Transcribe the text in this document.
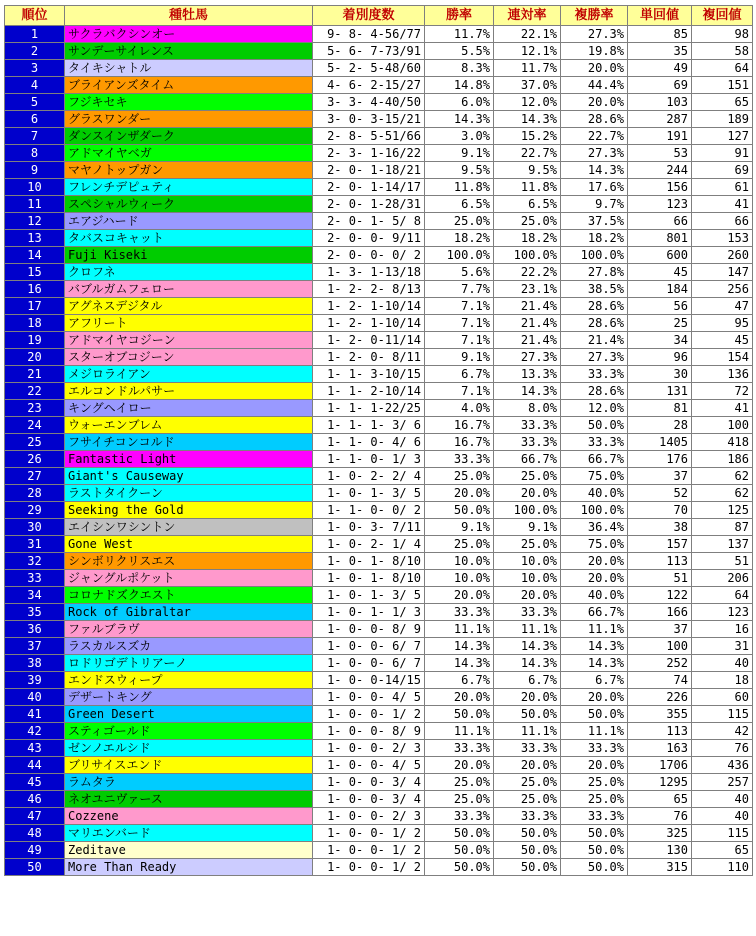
順位	種牡馬	着別度数	勝率	連対率	複勝率	単回値	複回値
1	サクラバクシンオー	9- 8- 4-56/77	11.7%	22.1%	27.3%	85	98
2	サンデーサイレンス	5- 6- 7-73/91	5.5%	12.1%	19.8%	35	58
3	タイキシャトル	5- 2- 5-48/60	8.3%	11.7%	20.0%	49	64
4	ブライアンズタイム	4- 6- 2-15/27	14.8%	37.0%	44.4%	69	151
5	フジキセキ	3- 3- 4-40/50	6.0%	12.0%	20.0%	103	65
6	グラスワンダー	3- 0- 3-15/21	14.3%	14.3%	28.6%	287	189
7	ダンスインザダーク	2- 8- 5-51/66	3.0%	15.2%	22.7%	191	127
8	アドマイヤベガ	2- 3- 1-16/22	9.1%	22.7%	27.3%	53	91
9	マヤノトップガン	2- 0- 1-18/21	9.5%	9.5%	14.3%	244	69
10	フレンチデピュティ	2- 0- 1-14/17	11.8%	11.8%	17.6%	156	61
11	スペシャルウィーク	2- 0- 1-28/31	6.5%	6.5%	9.7%	123	41
12	エアジハード	2- 0- 1- 5/ 8	25.0%	25.0%	37.5%	66	66
13	タバスコキャット	2- 0- 0- 9/11	18.2%	18.2%	18.2%	801	153
14	Fuji Kiseki	2- 0- 0- 0/ 2	100.0%	100.0%	100.0%	600	260
15	クロフネ	1- 3- 1-13/18	5.6%	22.2%	27.8%	45	147
16	バブルガムフェロー	1- 2- 2- 8/13	7.7%	23.1%	38.5%	184	256
17	アグネスデジタル	1- 2- 1-10/14	7.1%	21.4%	28.6%	56	47
18	アフリート	1- 2- 1-10/14	7.1%	21.4%	28.6%	25	95
19	アドマイヤコジーン	1- 2- 0-11/14	7.1%	21.4%	21.4%	34	45
20	スターオブコジーン	1- 2- 0- 8/11	9.1%	27.3%	27.3%	96	154
21	メジロライアン	1- 1- 3-10/15	6.7%	13.3%	33.3%	30	136
22	エルコンドルパサー	1- 1- 2-10/14	7.1%	14.3%	28.6%	131	72
23	キングヘイロー	1- 1- 1-22/25	4.0%	8.0%	12.0%	81	41
24	ウォーエンブレム	1- 1- 1- 3/ 6	16.7%	33.3%	50.0%	28	100
25	フサイチコンコルド	1- 1- 0- 4/ 6	16.7%	33.3%	33.3%	1405	418
26	Fantastic Light	1- 1- 0- 1/ 3	33.3%	66.7%	66.7%	176	186
27	Giant's Causeway	1- 0- 2- 2/ 4	25.0%	25.0%	75.0%	37	62
28	ラストタイクーン	1- 0- 1- 3/ 5	20.0%	20.0%	40.0%	52	62
29	Seeking the Gold	1- 1- 0- 0/ 2	50.0%	100.0%	100.0%	70	125
30	エイシンワシントン	1- 0- 3- 7/11	9.1%	9.1%	36.4%	38	87
31	Gone West	1- 0- 2- 1/ 4	25.0%	25.0%	75.0%	157	137
32	シンボリクリスエス	1- 0- 1- 8/10	10.0%	10.0%	20.0%	113	51
33	ジャングルポケット	1- 0- 1- 8/10	10.0%	10.0%	20.0%	51	206
34	コロナドズクエスト	1- 0- 1- 3/ 5	20.0%	20.0%	40.0%	122	64
35	Rock of Gibraltar	1- 0- 1- 1/ 3	33.3%	33.3%	66.7%	166	123
36	ファルブラヴ	1- 0- 0- 8/ 9	11.1%	11.1%	11.1%	37	16
37	ラスカルスズカ	1- 0- 0- 6/ 7	14.3%	14.3%	14.3%	100	31
38	ロドリゴデトリアーノ	1- 0- 0- 6/ 7	14.3%	14.3%	14.3%	252	40
39	エンドスウィープ	1- 0- 0-14/15	6.7%	6.7%	6.7%	74	18
40	デザートキング	1- 0- 0- 4/ 5	20.0%	20.0%	20.0%	226	60
41	Green Desert	1- 0- 0- 1/ 2	50.0%	50.0%	50.0%	355	115
42	スティゴールド	1- 0- 0- 8/ 9	11.1%	11.1%	11.1%	113	42
43	ゼンノエルシド	1- 0- 0- 2/ 3	33.3%	33.3%	33.3%	163	76
44	ブリサイスエンド	1- 0- 0- 4/ 5	20.0%	20.0%	20.0%	1706	436
45	ラムタラ	1- 0- 0- 3/ 4	25.0%	25.0%	25.0%	1295	257
46	ネオユニヴァース	1- 0- 0- 3/ 4	25.0%	25.0%	25.0%	65	40
47	Cozzene	1- 0- 0- 2/ 3	33.3%	33.3%	33.3%	76	40
48	マリエンバード	1- 0- 0- 1/ 2	50.0%	50.0%	50.0%	325	115
49	Zeditave	1- 0- 0- 1/ 2	50.0%	50.0%	50.0%	130	65
50	More Than Ready	1- 0- 0- 1/ 2	50.0%	50.0%	50.0%	315	110
